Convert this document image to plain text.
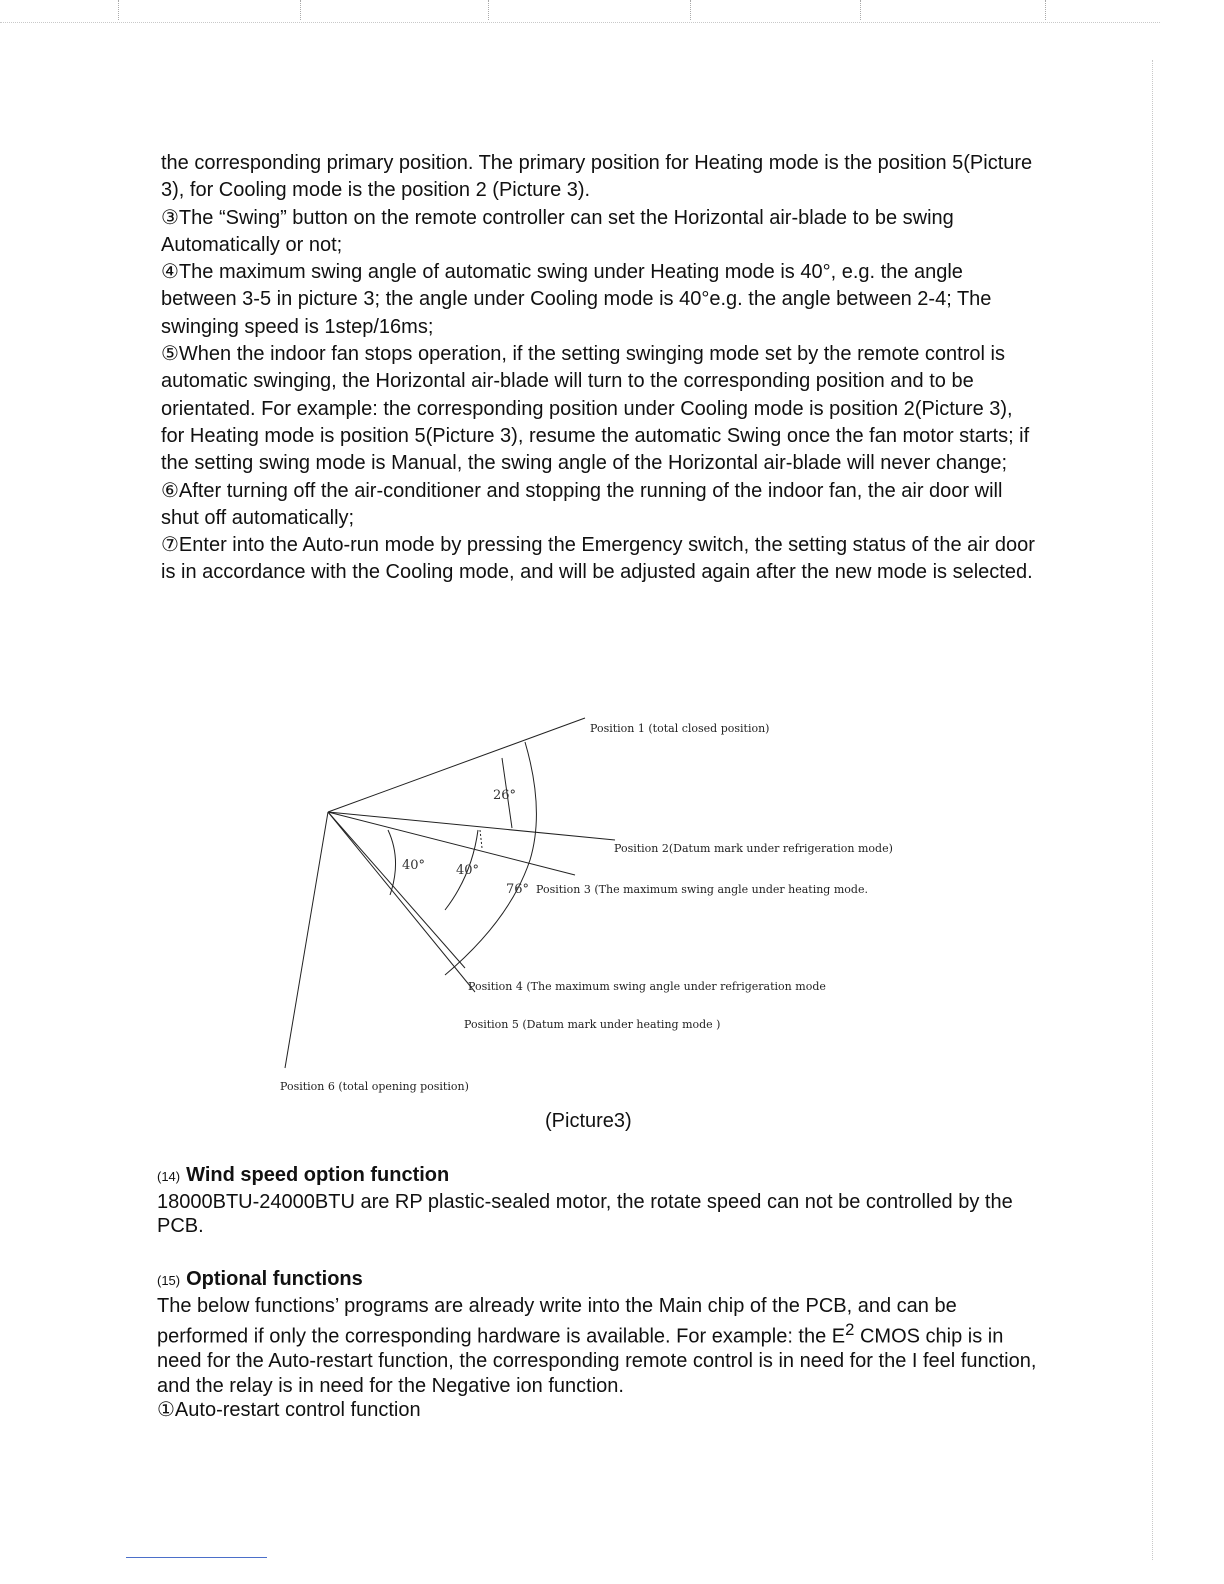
the corresponding primary position. The primary position for Heating mode is the position 5(Picture 3), for Cooling mode is the position 2 (Picture 3).

③The “Swing” button on the remote controller can set the Horizontal air-blade to be swing Automatically or not;

④The maximum swing angle of automatic swing under Heating mode is 40°, e.g. the angle between 3-5 in picture 3; the angle under Cooling mode is 40°e.g. the angle between 2-4; The swinging speed is 1step/16ms;

⑤When the indoor fan stops operation, if the setting swinging mode set by the remote control is automatic swinging, the Horizontal air-blade will turn to the corresponding position and to be orientated. For example: the corresponding position under Cooling mode is position 2(Picture 3), for Heating mode is position 5(Picture 3), resume the automatic Swing once the fan motor starts; if the setting swing mode is Manual, the swing angle of the Horizontal air-blade will never change;

⑥After turning off the air-conditioner and stopping the running of the indoor fan, the air door will shut off automatically;

⑦Enter into the Auto-run mode by pressing the Emergency switch, the setting status of the air door is in accordance with the Cooling mode, and will be adjusted again after the new mode is selected.

Position 1 (total closed position)
Position 2(Datum mark under refrigeration mode)
Position 3 (The maximum swing angle under heating mode.
Position 4 (The maximum swing angle under refrigeration mode
Position 5 (Datum mark under heating mode )
Position 6 (total opening position)
26°
40° 40°
76°
(Picture3)
(14) Wind speed option function

18000BTU-24000BTU are RP plastic-sealed motor, the rotate speed can not be controlled by the PCB.

(15) Optional functions

The below functions’ programs are already write into the Main chip of the PCB, and can be performed if only the corresponding hardware is available. For example: the $E^2$ CMOS chip is in need for the Auto-restart function, the corresponding remote control is in need for the I feel function, and the relay is in need for the Negative ion function.

①Auto-restart control function
